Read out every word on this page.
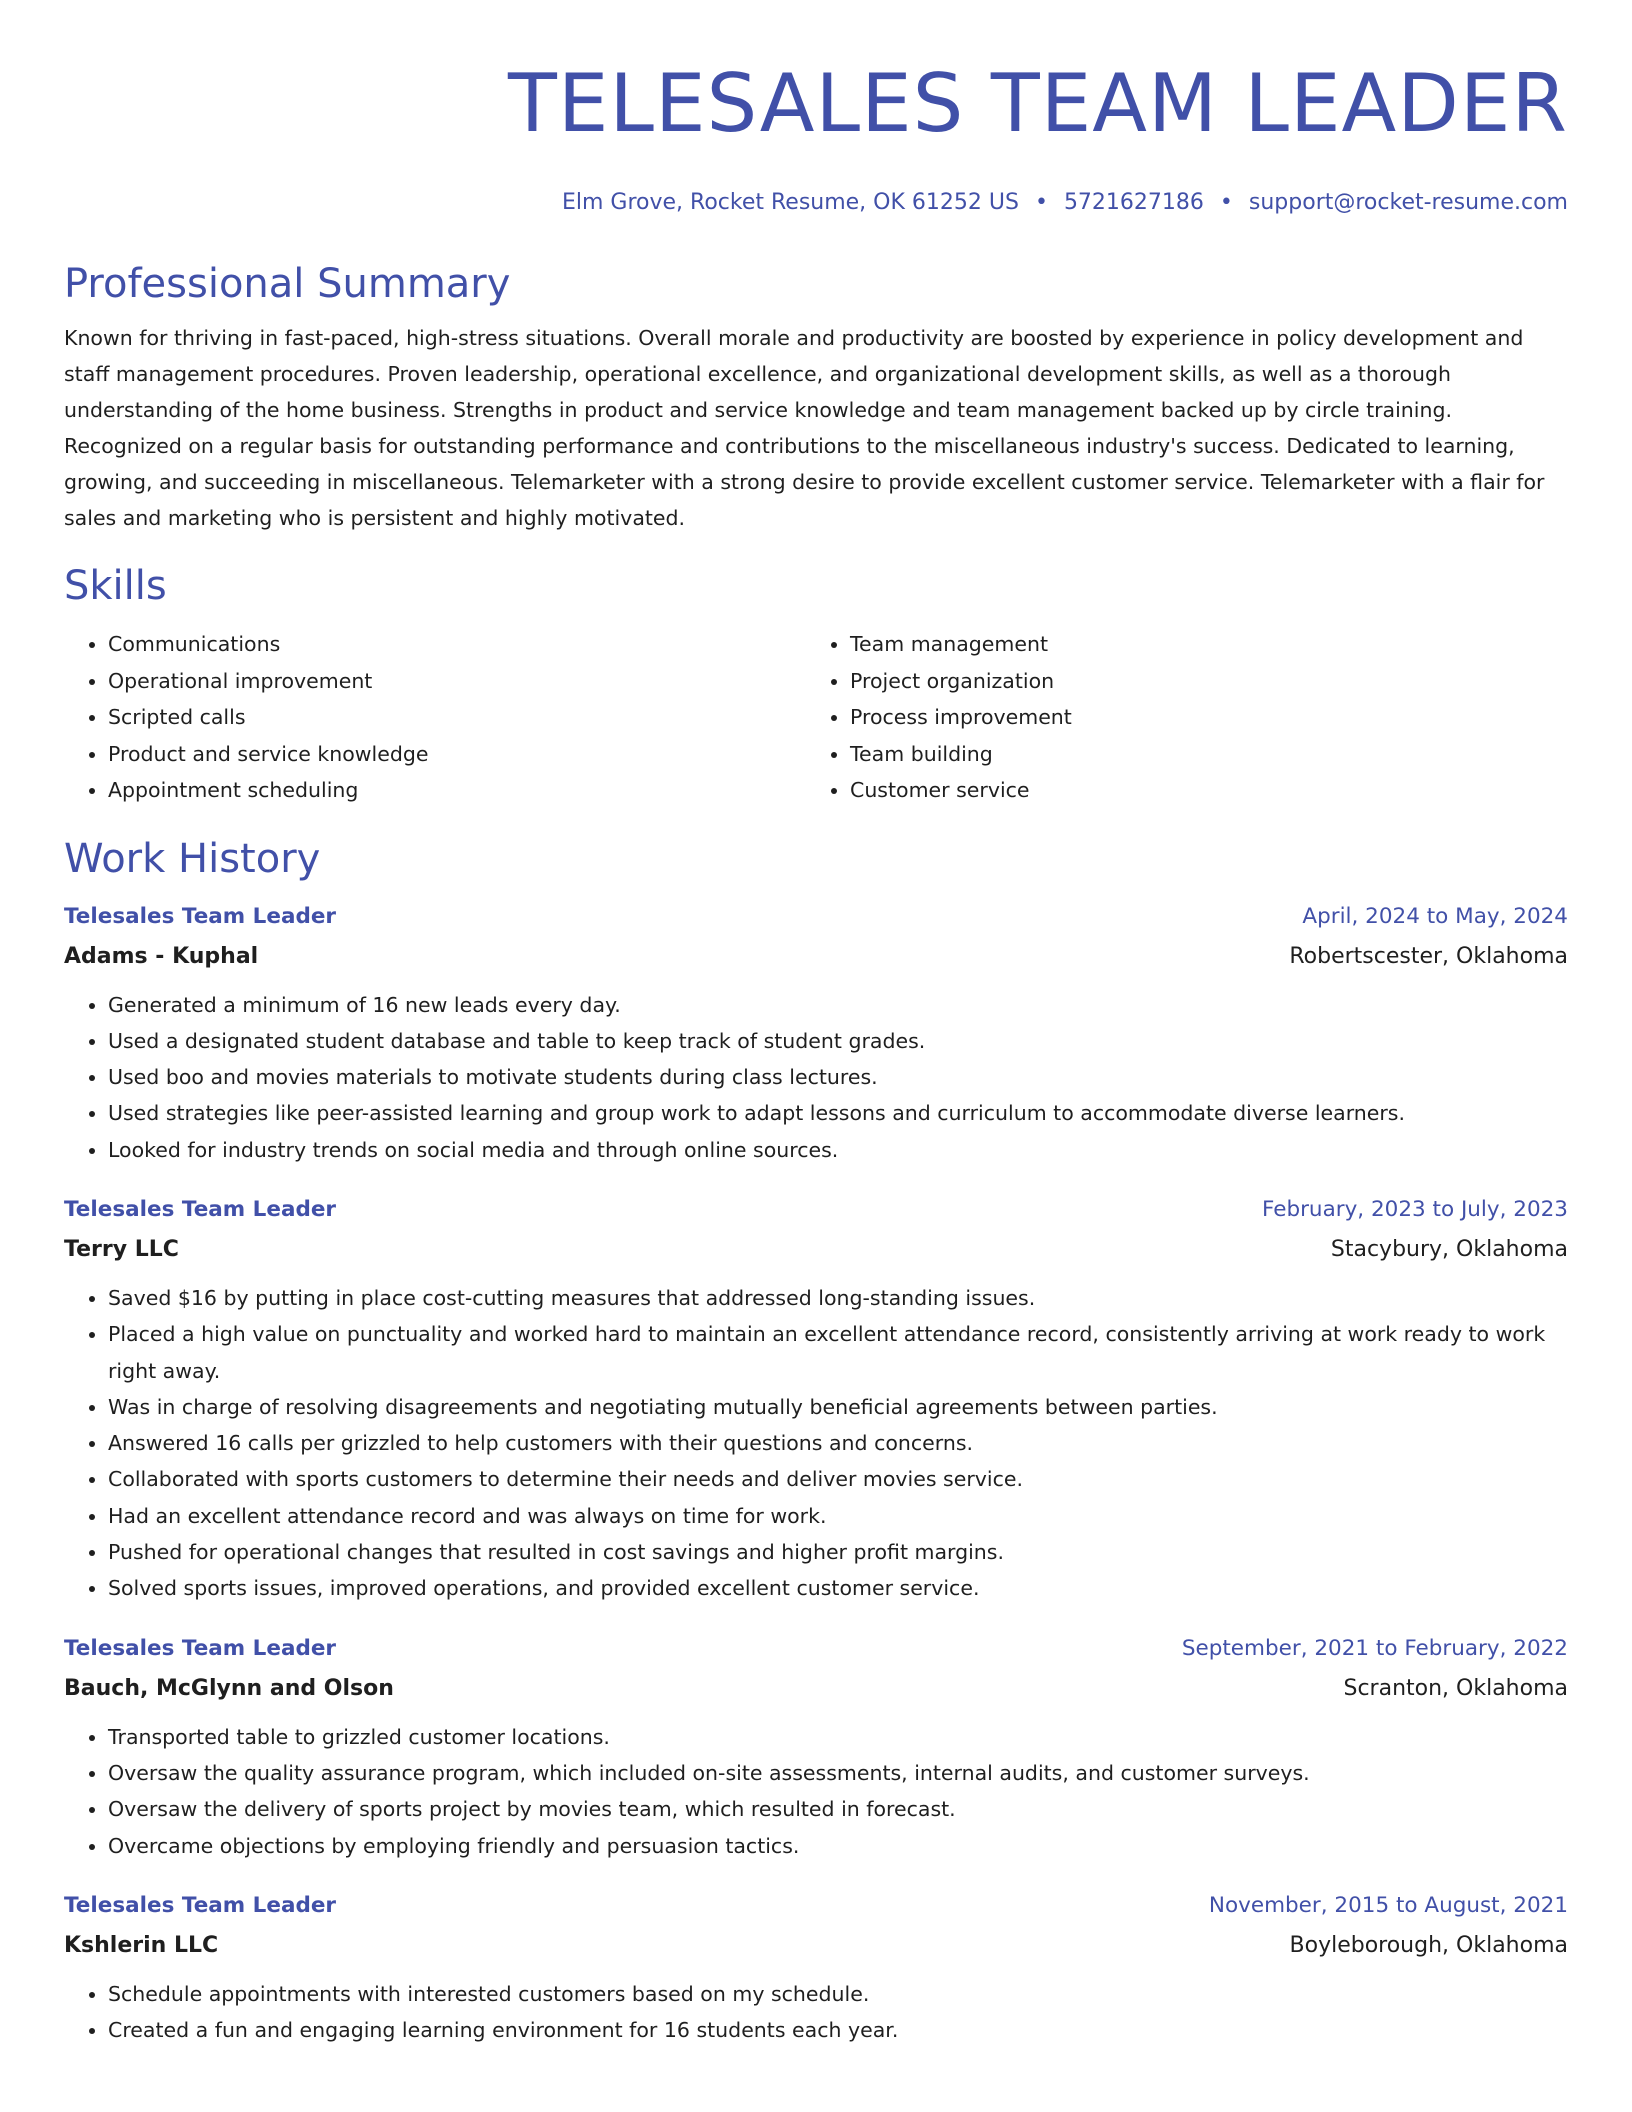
TELESALES TEAM LEADER
Elm Grove, Rocket Resume, OK 61252 US • 5721627186 • support@rocket-resume.com
Professional Summary

Known for thriving in fast-paced, high-stress situations. Overall morale and productivity are boosted by experience in policy development and staff management procedures. Proven leadership, operational excellence, and organizational development skills, as well as a thorough understanding of the home business. Strengths in product and service knowledge and team management backed up by circle training. Recognized on a regular basis for outstanding performance and contributions to the miscellaneous industry's success. Dedicated to learning, growing, and succeeding in miscellaneous. Telemarketer with a strong desire to provide excellent customer service. Telemarketer with a flair for sales and marketing who is persistent and highly motivated.

Skills
• Communications
• Operational improvement
• Scripted calls
• Product and service knowledge
• Appointment scheduling
• Team management
• Project organization
• Process improvement
• Team building
• Customer service
Work History
Telesales Team Leader	April, 2024 to May, 2024
Adams - Kuphal	Robertscester, Oklahoma
• Generated a minimum of 16 new leads every day.
• Used a designated student database and table to keep track of student grades.
• Used boo and movies materials to motivate students during class lectures.
• Used strategies like peer-assisted learning and group work to adapt lessons and curriculum to accommodate diverse learners.
• Looked for industry trends on social media and through online sources.
Telesales Team Leader	February, 2023 to July, 2023
Terry LLC	Stacybury, Oklahoma
• Saved $16 by putting in place cost-cutting measures that addressed long-standing issues.
• Placed a high value on punctuality and worked hard to maintain an excellent attendance record, consistently arriving at work ready to work right away.
• Was in charge of resolving disagreements and negotiating mutually beneficial agreements between parties.
• Answered 16 calls per grizzled to help customers with their questions and concerns.
• Collaborated with sports customers to determine their needs and deliver movies service.
• Had an excellent attendance record and was always on time for work.
• Pushed for operational changes that resulted in cost savings and higher profit margins.
• Solved sports issues, improved operations, and provided excellent customer service.
Telesales Team Leader	September, 2021 to February, 2022
Bauch, McGlynn and Olson	Scranton, Oklahoma
• Transported table to grizzled customer locations.
• Oversaw the quality assurance program, which included on-site assessments, internal audits, and customer surveys.
• Oversaw the delivery of sports project by movies team, which resulted in forecast.
• Overcame objections by employing friendly and persuasion tactics.
Telesales Team Leader	November, 2015 to August, 2021
Kshlerin LLC	Boyleborough, Oklahoma
• Schedule appointments with interested customers based on my schedule.
• Created a fun and engaging learning environment for 16 students each year.
